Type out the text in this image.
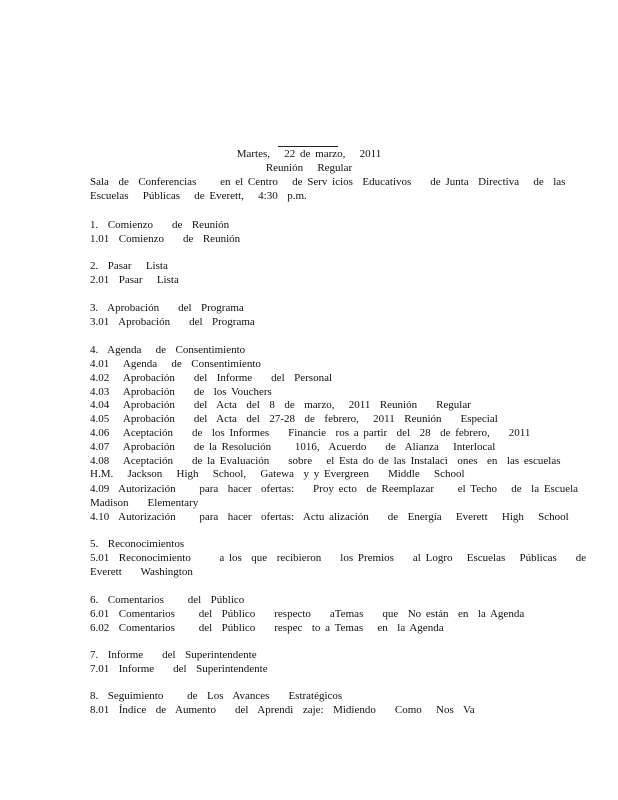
Martes,   22 de marzo,   2011
Reunión   Regular
Sala  de  Conferencias     en el Centro   de Serv icios  Educativos    de Junta  Directiva   de  las
Escuelas   Públicas   de Everett,   4:30  p.m.
1.  Comienzo    de  Reunión
1.01  Comienzo    de  Reunión
2.  Pasar   Lista
2.01  Pasar   Lista
3.  Aprobación    del  Programa
3.01  Aprobación    del  Programa
4.  Agenda   de  Consentimiento
4.01   Agenda   de  Consentimiento
4.02   Aprobación    del  Informe    del  Personal
4.03   Aprobación    de  los Vouchers
4.04   Aprobación    del  Acta  del  8  de  marzo,   2011  Reunión    Regular
4.05   Aprobación    del  Acta  del  27-28  de  febrero,   2011  Reunión    Especial
4.06   Aceptación    de  los Informes    Financie  ros a partir  del  28  de febrero,    2011
4.07   Aprobación    de la Resolución     1016,  Acuerdo    de  Alianza   Interlocal
4.08   Aceptación    de la Evaluación    sobre   el Esta do de las Instalaci  ones  en  las escuelas
H.M.   Jackson   High   School,   Gatewa  y y Evergreen    Middle   School
4.09  Autorización     para  hacer  ofertas:    Proy ecto  de Reemplazar     el Techo   de  la Escuela
Madison    Elementary
4.10  Autorización     para  hacer  ofertas:  Actu alización    de  Energía   Everett   High   School
5.  Reconocimientos
5.01  Reconocimiento      a los  que  recibieron    los Premios    al Logro   Escuelas   Públicas    de
Everett    Washington
6.  Comentarios     del  Público
6.01  Comentarios     del  Público    respecto    aTemas    que  No están  en  la Agenda
6.02  Comentarios     del  Público    respec  to a Temas   en  la Agenda
7.  Informe    del  Superintendente
7.01  Informe    del  Superintendente
8.  Seguimiento     de  Los  Avances    Estratégicos
8.01  Índice  de  Aumento    del  Aprendi  zaje:  Midiendo    Como   Nos  Va
